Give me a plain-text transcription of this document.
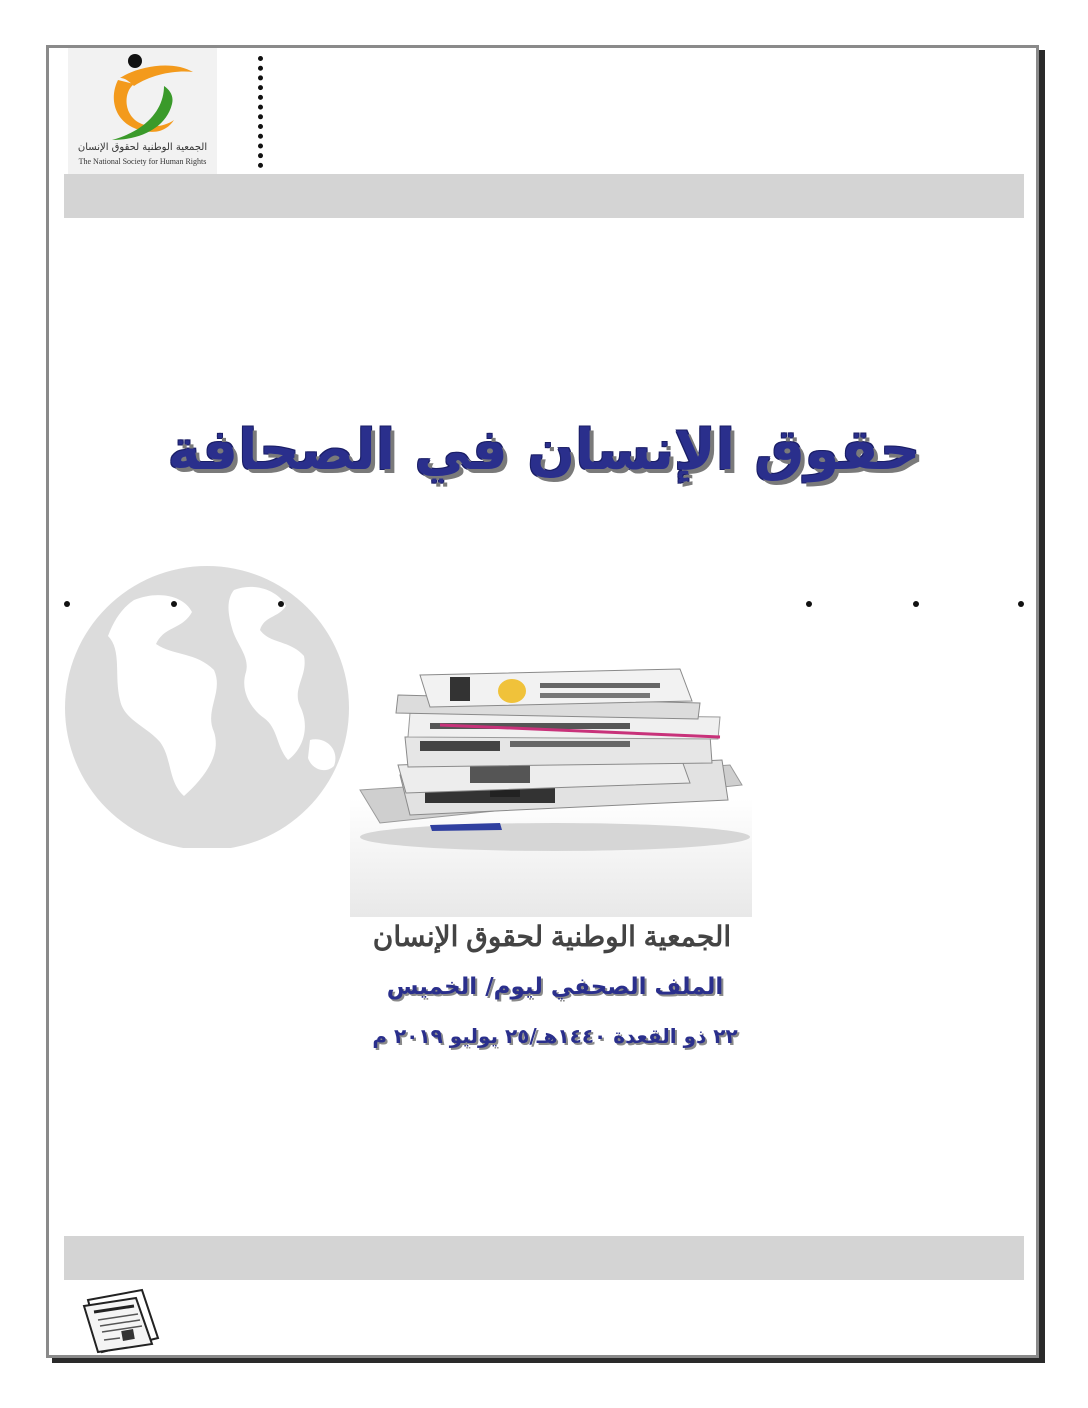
الجمعية الوطنية لحقوق الإنسان
The National Society for Human Rights
حقوق الإنسان في الصحافة
الجمعية الوطنية لحقوق الإنسان
الملف الصحفي ليوم/ الخميس
٢٢ ذو القعدة ١٤٤٠هـ/٢٥ يوليو ٢٠١٩ م
